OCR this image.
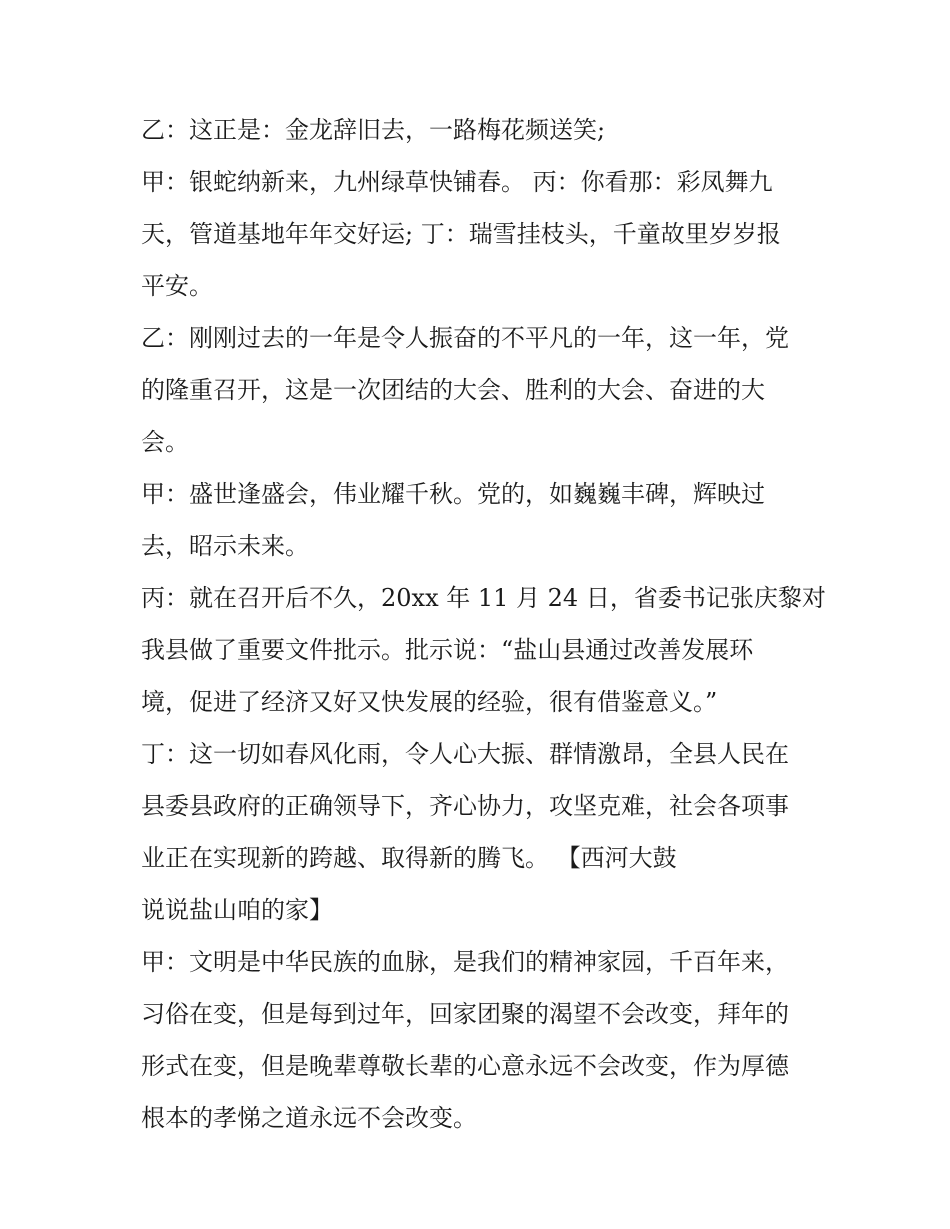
乙：这正是：金龙辞旧去，一路梅花频送笑;
甲：银蛇纳新来，九州绿草快铺春。 丙：你看那：彩凤舞九
天，管道基地年年交好运; 丁：瑞雪挂枝头，千童故里岁岁报
平安。
乙：刚刚过去的一年是令人振奋的不平凡的一年，这一年，党
的隆重召开，这是一次团结的大会、胜利的大会、奋进的大
会。
甲：盛世逢盛会，伟业耀千秋。党的，如巍巍丰碑，辉映过
去，昭示未来。
丙：就在召开后不久，20xx 年 11 月 24 日，省委书记张庆黎对
我县做了重要文件批示。批示说：“盐山县通过改善发展环
境，促进了经济又好又快发展的经验，很有借鉴意义。”
丁：这一切如春风化雨，令人心大振、群情激昂，全县人民在
县委县政府的正确领导下，齐心协力，攻坚克难，社会各项事
业正在实现新的跨越、取得新的腾飞。 【西河大鼓
说说盐山咱的家】
甲：文明是中华民族的血脉，是我们的精神家园，千百年来，
习俗在变，但是每到过年，回家团聚的渴望不会改变，拜年的
形式在变，但是晚辈尊敬长辈的心意永远不会改变，作为厚德
根本的孝悌之道永远不会改变。
